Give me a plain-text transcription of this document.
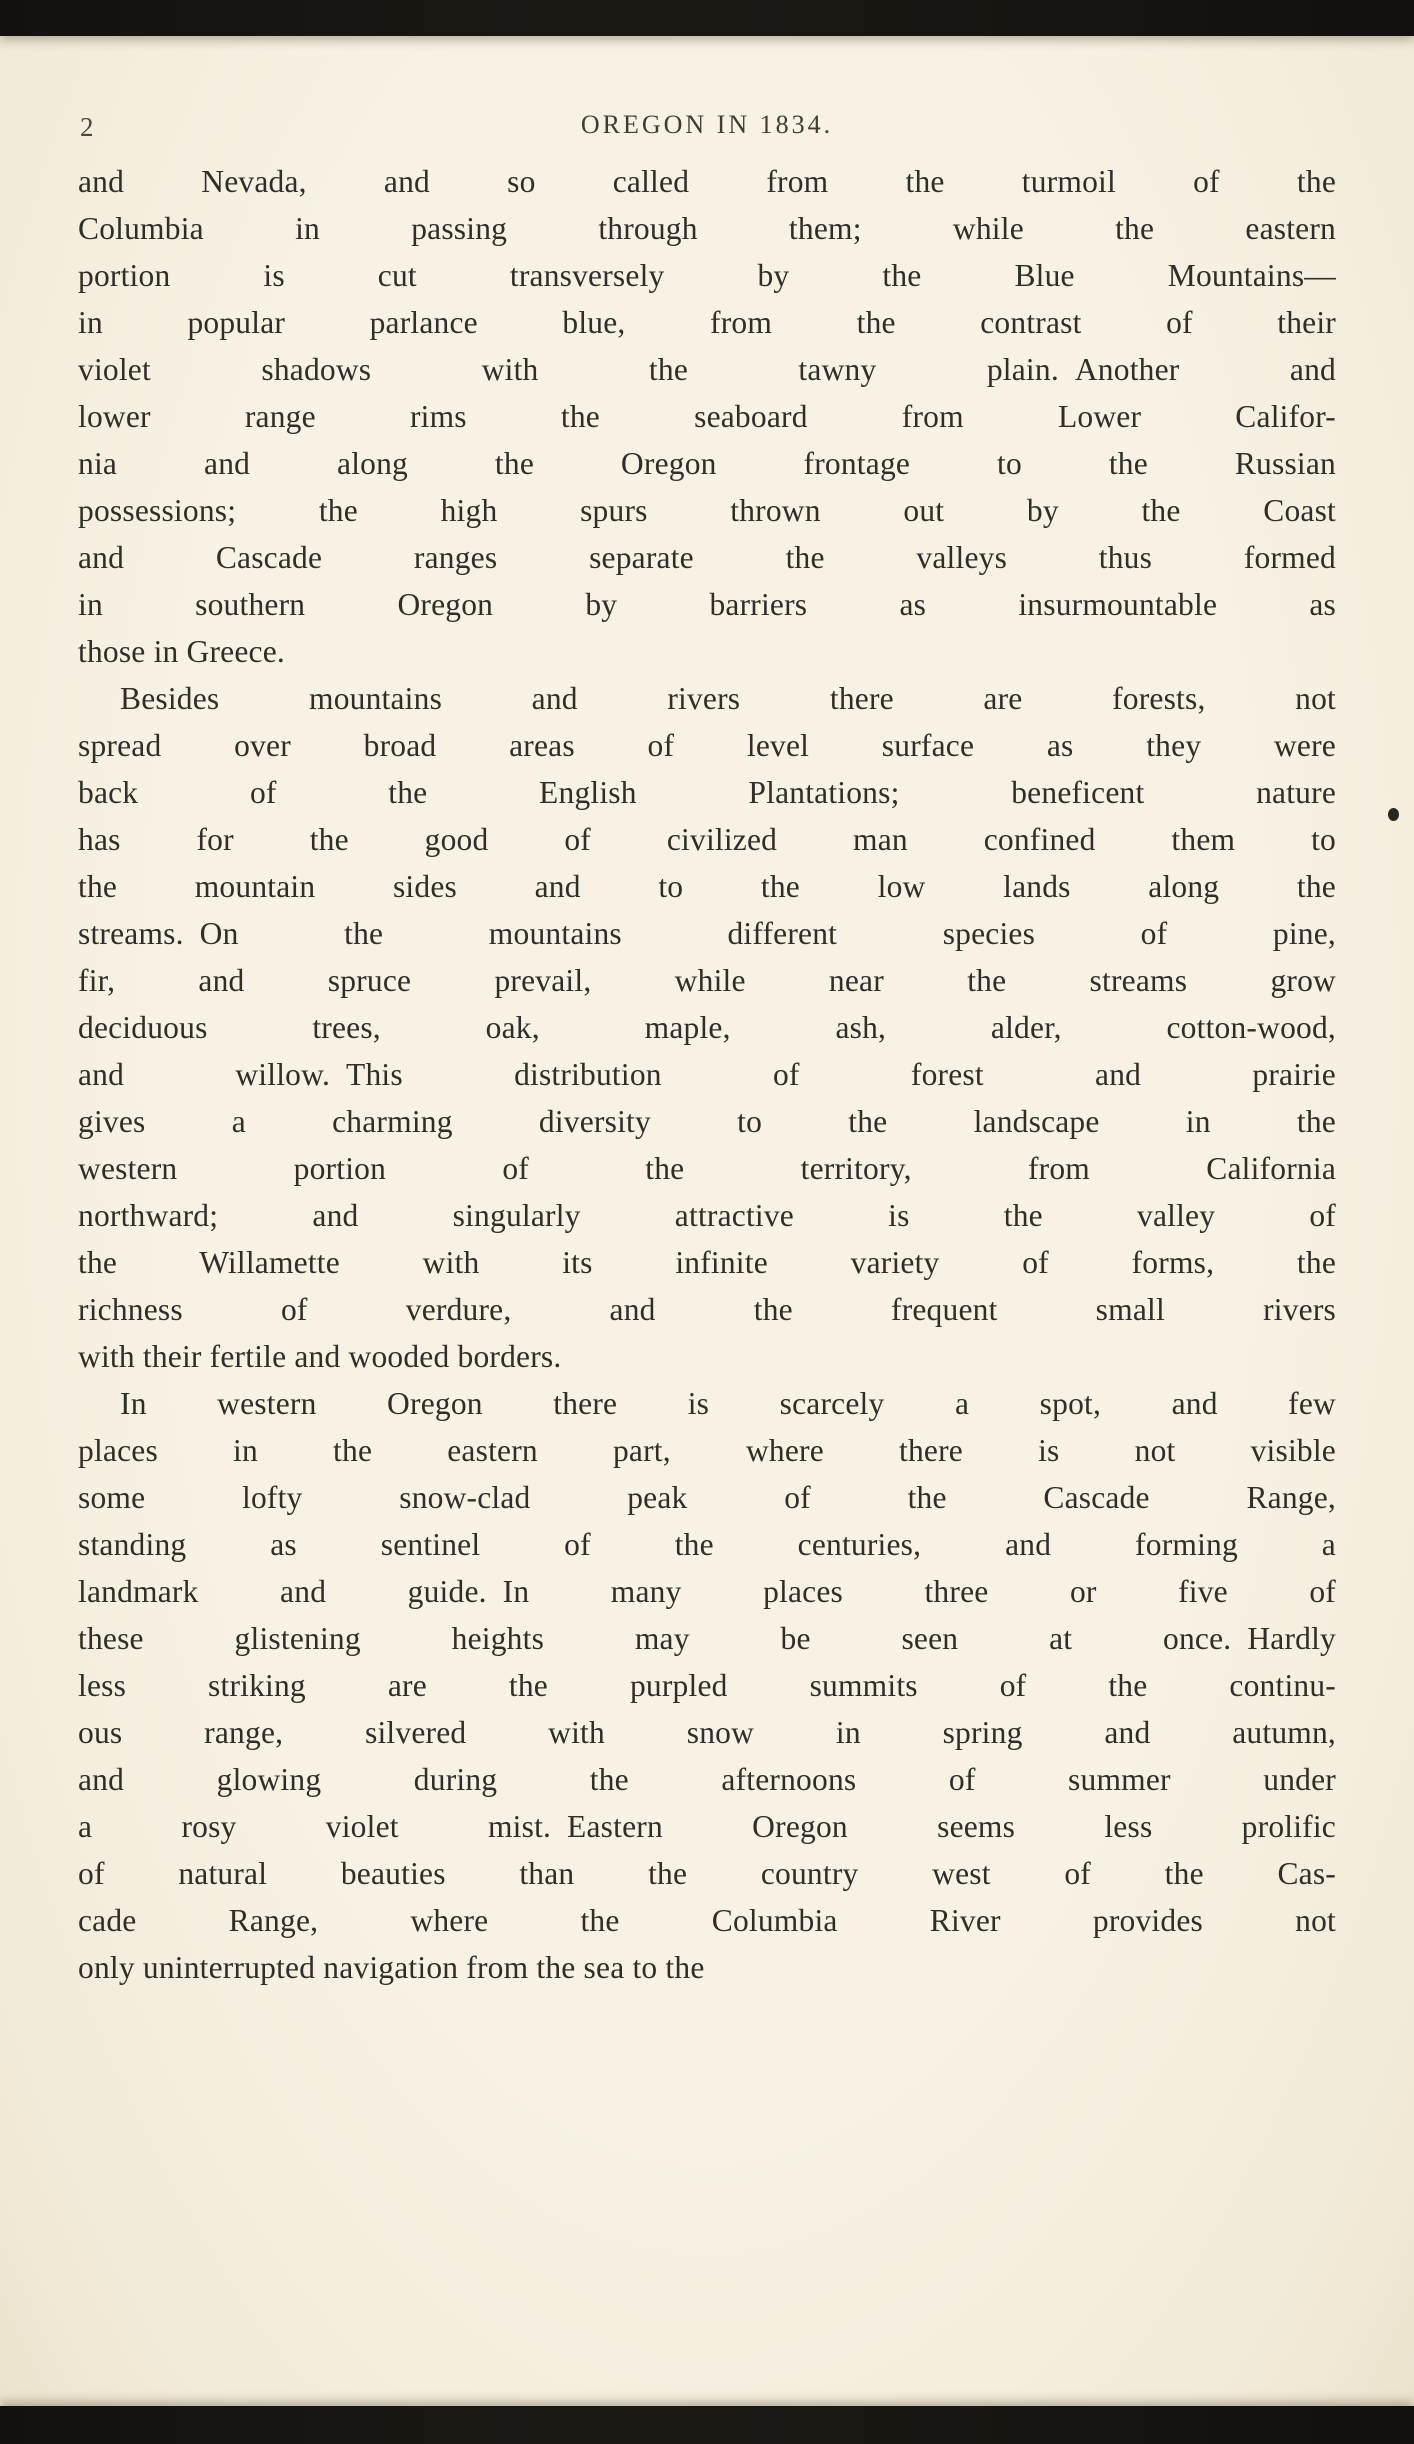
2	OREGON IN 1834.
and Nevada, and so called from the turmoil of the
Columbia in passing through them; while the eastern
portion is cut transversely by the Blue Mountains—
in popular parlance blue, from the contrast of their
violet shadows with the tawny plain. Another and
lower range rims the seaboard from Lower Califor-
nia and along the Oregon frontage to the Russian
possessions; the high spurs thrown out by the Coast
and Cascade ranges separate the valleys thus formed
in southern Oregon by barriers as insurmountable as
those in Greece.
Besides mountains and rivers there are forests, not
spread over broad areas of level surface as they were
back of the English Plantations; beneficent nature
has for the good of civilized man confined them to
the mountain sides and to the low lands along the
streams. On the mountains different species of pine,
fir, and spruce prevail, while near the streams grow
deciduous trees, oak, maple, ash, alder, cotton-wood,
and willow. This distribution of forest and prairie
gives a charming diversity to the landscape in the
western portion of the territory, from California
northward; and singularly attractive is the valley of
the Willamette with its infinite variety of forms, the
richness of verdure, and the frequent small rivers
with their fertile and wooded borders.
In western Oregon there is scarcely a spot, and few
places in the eastern part, where there is not visible
some lofty snow-clad peak of the Cascade Range,
standing as sentinel of the centuries, and forming a
landmark and guide. In many places three or five of
these glistening heights may be seen at once. Hardly
less striking are the purpled summits of the continu-
ous range, silvered with snow in spring and autumn,
and glowing during the afternoons of summer under
a rosy violet mist. Eastern Oregon seems less prolific
of natural beauties than the country west of the Cas-
cade Range, where the Columbia River provides not
only uninterrupted navigation from the sea to the
